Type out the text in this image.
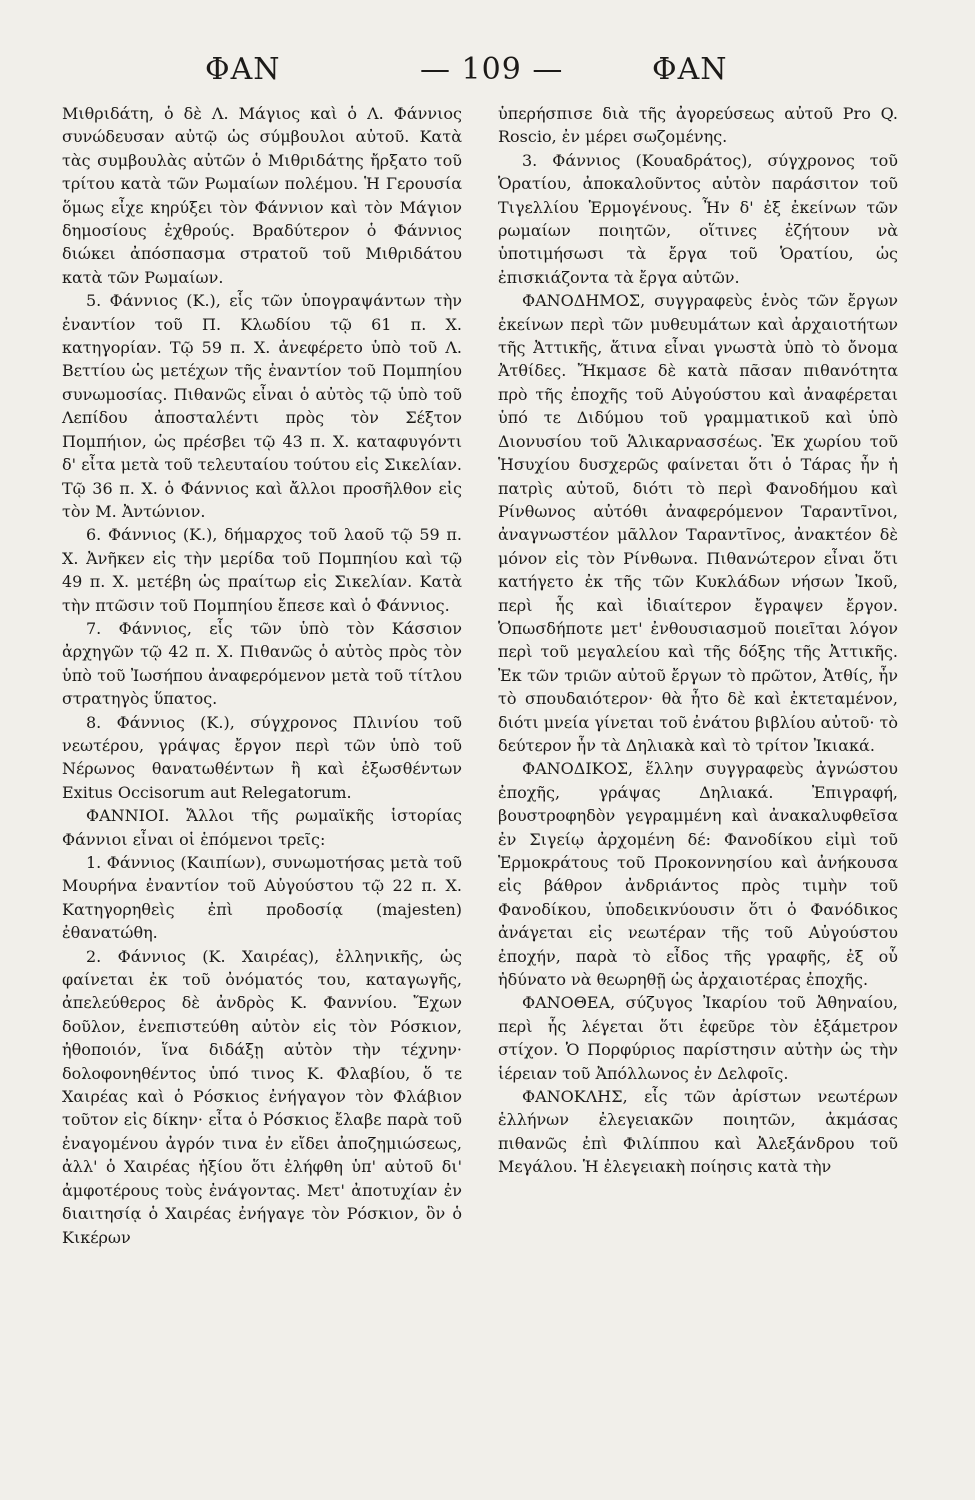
ΦΑΝ	— 109 —	ΦΑΝ

Μιθριδάτη, ὁ δὲ Λ. Μάγιος καὶ ὁ Λ. Φάννιος συνώδευσαν αὐτῷ ὡς σύμβουλοι αὐτοῦ. Κατὰ τὰς συμβουλὰς αὐτῶν ὁ Μιθριδάτης ἤρξατο τοῦ τρίτου κατὰ τῶν Ρωμαίων πολέμου. Ἡ Γερουσία ὅμως εἶχε κηρύξει τὸν Φάννιον καὶ τὸν Μάγιον δημοσίους ἐχθρούς. Βραδύτερον ὁ Φάννιος διώκει ἀπόσπασμα στρατοῦ τοῦ Μιθριδάτου κατὰ τῶν Ρωμαίων.

5. Φάννιος (Κ.), εἷς τῶν ὑπογραψάντων τὴν ἐναντίον τοῦ Π. Κλωδίου τῷ 61 π. Χ. κατηγορίαν. Τῷ 59 π. Χ. ἀνεφέρετο ὑπὸ τοῦ Λ. Βεττίου ὡς μετέχων τῆς ἐναντίον τοῦ Πομπηίου συνωμοσίας. Πιθανῶς εἶναι ὁ αὐτὸς τῷ ὑπὸ τοῦ Λεπίδου ἀποσταλέντι πρὸς τὸν Σέξτον Πομπήιον, ὡς πρέσβει τῷ 43 π. Χ. καταφυγόντι δ' εἶτα μετὰ τοῦ τελευταίου τούτου εἰς Σικελίαν. Τῷ 36 π. Χ. ὁ Φάννιος καὶ ἄλλοι προσῆλθον εἰς τὸν Μ. Ἀντώνιον.

6. Φάννιος (Κ.), δήμαρχος τοῦ λαοῦ τῷ 59 π. Χ. Ἀνῆκεν εἰς τὴν μερίδα τοῦ Πομπηίου καὶ τῷ 49 π. Χ. μετέβη ὡς πραίτωρ εἰς Σικελίαν. Κατὰ τὴν πτῶσιν τοῦ Πομπηίου ἔπεσε καὶ ὁ Φάννιος.

7. Φάννιος, εἷς τῶν ὑπὸ τὸν Κάσσιον ἀρχηγῶν τῷ 42 π. Χ. Πιθανῶς ὁ αὐτὸς πρὸς τὸν ὑπὸ τοῦ Ἰωσήπου ἀναφερόμενον μετὰ τοῦ τίτλου στρατηγὸς ὕπατος.

8. Φάννιος (Κ.), σύγχρονος Πλινίου τοῦ νεωτέρου, γράψας ἔργον περὶ τῶν ὑπὸ τοῦ Νέρωνος θανατωθέντων ἢ καὶ ἐξωσθέντων Exitus Occisorum aut Relegatorum.

ΦΑΝΝΙΟΙ. Ἄλλοι τῆς ρωμαϊκῆς ἱστορίας Φάννιοι εἶναι οἱ ἑπόμενοι τρεῖς:

1. Φάννιος (Καιπίων), συνωμοτήσας μετὰ τοῦ Μουρήνα ἐναντίον τοῦ Αὐγούστου τῷ 22 π. Χ. Κατηγορηθεὶς ἐπὶ προδοσίᾳ (majesten) ἐθανατώθη.

2. Φάννιος (Κ. Χαιρέας), ἑλληνικῆς, ὡς φαίνεται ἐκ τοῦ ὀνόματός του, καταγωγῆς, ἀπελεύθερος δὲ ἀνδρὸς Κ. Φαννίου. Ἔχων δοῦλον, ἐνεπιστεύθη αὐτὸν εἰς τὸν Ρόσκιον, ἠθοποιόν, ἵνα διδάξῃ αὐτὸν τὴν τέχνην· δολοφονηθέντος ὑπό τινος Κ. Φλαβίου, ὅ τε Χαιρέας καὶ ὁ Ρόσκιος ἐνήγαγον τὸν Φλάβιον τοῦτον εἰς δίκην· εἶτα ὁ Ρόσκιος ἔλαβε παρὰ τοῦ ἐναγομένου ἀγρόν τινα ἐν εἴδει ἀποζημιώσεως, ἀλλ' ὁ Χαιρέας ἠξίου ὅτι ἐλήφθη ὑπ' αὐτοῦ δι' ἀμφοτέρους τοὺς ἐνάγοντας. Μετ' ἀποτυχίαν ἐν διαιτησίᾳ ὁ Χαιρέας ἐνήγαγε τὸν Ρόσκιον, ὃν ὁ Κικέρων

ὑπερήσπισε διὰ τῆς ἀγορεύσεως αὐτοῦ Pro Q. Roscio, ἐν μέρει σωζομένης.

3. Φάννιος (Κουαδράτος), σύγχρονος τοῦ Ὁρατίου, ἀποκαλοῦντος αὐτὸν παράσιτον τοῦ Τιγελλίου Ἑρμογένους. Ἦν δ' ἐξ ἐκείνων τῶν ρωμαίων ποιητῶν, οἵτινες ἐζήτουν νὰ ὑποτιμήσωσι τὰ ἔργα τοῦ Ὁρατίου, ὡς ἐπισκιάζοντα τὰ ἔργα αὐτῶν.

ΦΑΝΟΔΗΜΟΣ, συγγραφεὺς ἑνὸς τῶν ἔργων ἐκείνων περὶ τῶν μυθευμάτων καὶ ἀρχαιοτήτων τῆς Ἀττικῆς, ἅτινα εἶναι γνωστὰ ὑπὸ τὸ ὄνομα Ἀτθίδες. Ἤκμασε δὲ κατὰ πᾶσαν πιθανότητα πρὸ τῆς ἐποχῆς τοῦ Αὐγούστου καὶ ἀναφέρεται ὑπό τε Διδύμου τοῦ γραμματικοῦ καὶ ὑπὸ Διονυσίου τοῦ Ἁλικαρνασσέως. Ἐκ χωρίου τοῦ Ἡσυχίου δυσχερῶς φαίνεται ὅτι ὁ Τάρας ἦν ἡ πατρὶς αὐτοῦ, διότι τὸ περὶ Φανοδήμου καὶ Ρίνθωνος αὐτόθι ἀναφερόμενον Ταραντῖνοι, ἀναγνωστέον μᾶλλον Ταραντῖνος, ἀνακτέον δὲ μόνον εἰς τὸν Ρίνθωνα. Πιθανώτερον εἶναι ὅτι κατήγετο ἐκ τῆς τῶν Κυκλάδων νήσων Ἰκοῦ, περὶ ἧς καὶ ἰδιαίτερον ἔγραψεν ἔργον. Ὁπωσδήποτε μετ' ἐνθουσιασμοῦ ποιεῖται λόγον περὶ τοῦ μεγαλείου καὶ τῆς δόξης τῆς Ἀττικῆς. Ἐκ τῶν τριῶν αὐτοῦ ἔργων τὸ πρῶτον, Ἀτθίς, ἦν τὸ σπουδαιότερον· θὰ ἦτο δὲ καὶ ἐκτεταμένον, διότι μνεία γίνεται τοῦ ἐνάτου βιβλίου αὐτοῦ· τὸ δεύτερον ἦν τὰ Δηλιακὰ καὶ τὸ τρίτον Ἰκιακά.

ΦΑΝΟΔΙΚΟΣ, ἕλλην συγγραφεὺς ἀγνώστου ἐποχῆς, γράψας Δηλιακά. Ἐπιγραφή, βουστροφηδὸν γεγραμμένη καὶ ἀνακαλυφθεῖσα ἐν Σιγείῳ ἀρχομένη δέ: Φανοδίκου εἰμὶ τοῦ Ἑρμοκράτους τοῦ Προκοννησίου καὶ ἀνήκουσα εἰς βάθρον ἀνδριάντος πρὸς τιμὴν τοῦ Φανοδίκου, ὑποδεικνύουσιν ὅτι ὁ Φανόδικος ἀνάγεται εἰς νεωτέραν τῆς τοῦ Αὐγούστου ἐποχήν, παρὰ τὸ εἶδος τῆς γραφῆς, ἐξ οὗ ἠδύνατο νὰ θεωρηθῇ ὡς ἀρχαιοτέρας ἐποχῆς.

ΦΑΝΟΘΕΑ, σύζυγος Ἰκαρίου τοῦ Ἀθηναίου, περὶ ἧς λέγεται ὅτι ἐφεῦρε τὸν ἑξάμετρον στίχον. Ὁ Πορφύριος παρίστησιν αὐτὴν ὡς τὴν ἱέρειαν τοῦ Ἀπόλλωνος ἐν Δελφοῖς.

ΦΑΝΟΚΛΗΣ, εἷς τῶν ἀρίστων νεωτέρων ἑλλήνων ἐλεγειακῶν ποιητῶν, ἀκμάσας πιθανῶς ἐπὶ Φιλίππου καὶ Ἀλεξάνδρου τοῦ Μεγάλου. Ἡ ἐλεγειακὴ ποίησις κατὰ τὴν
